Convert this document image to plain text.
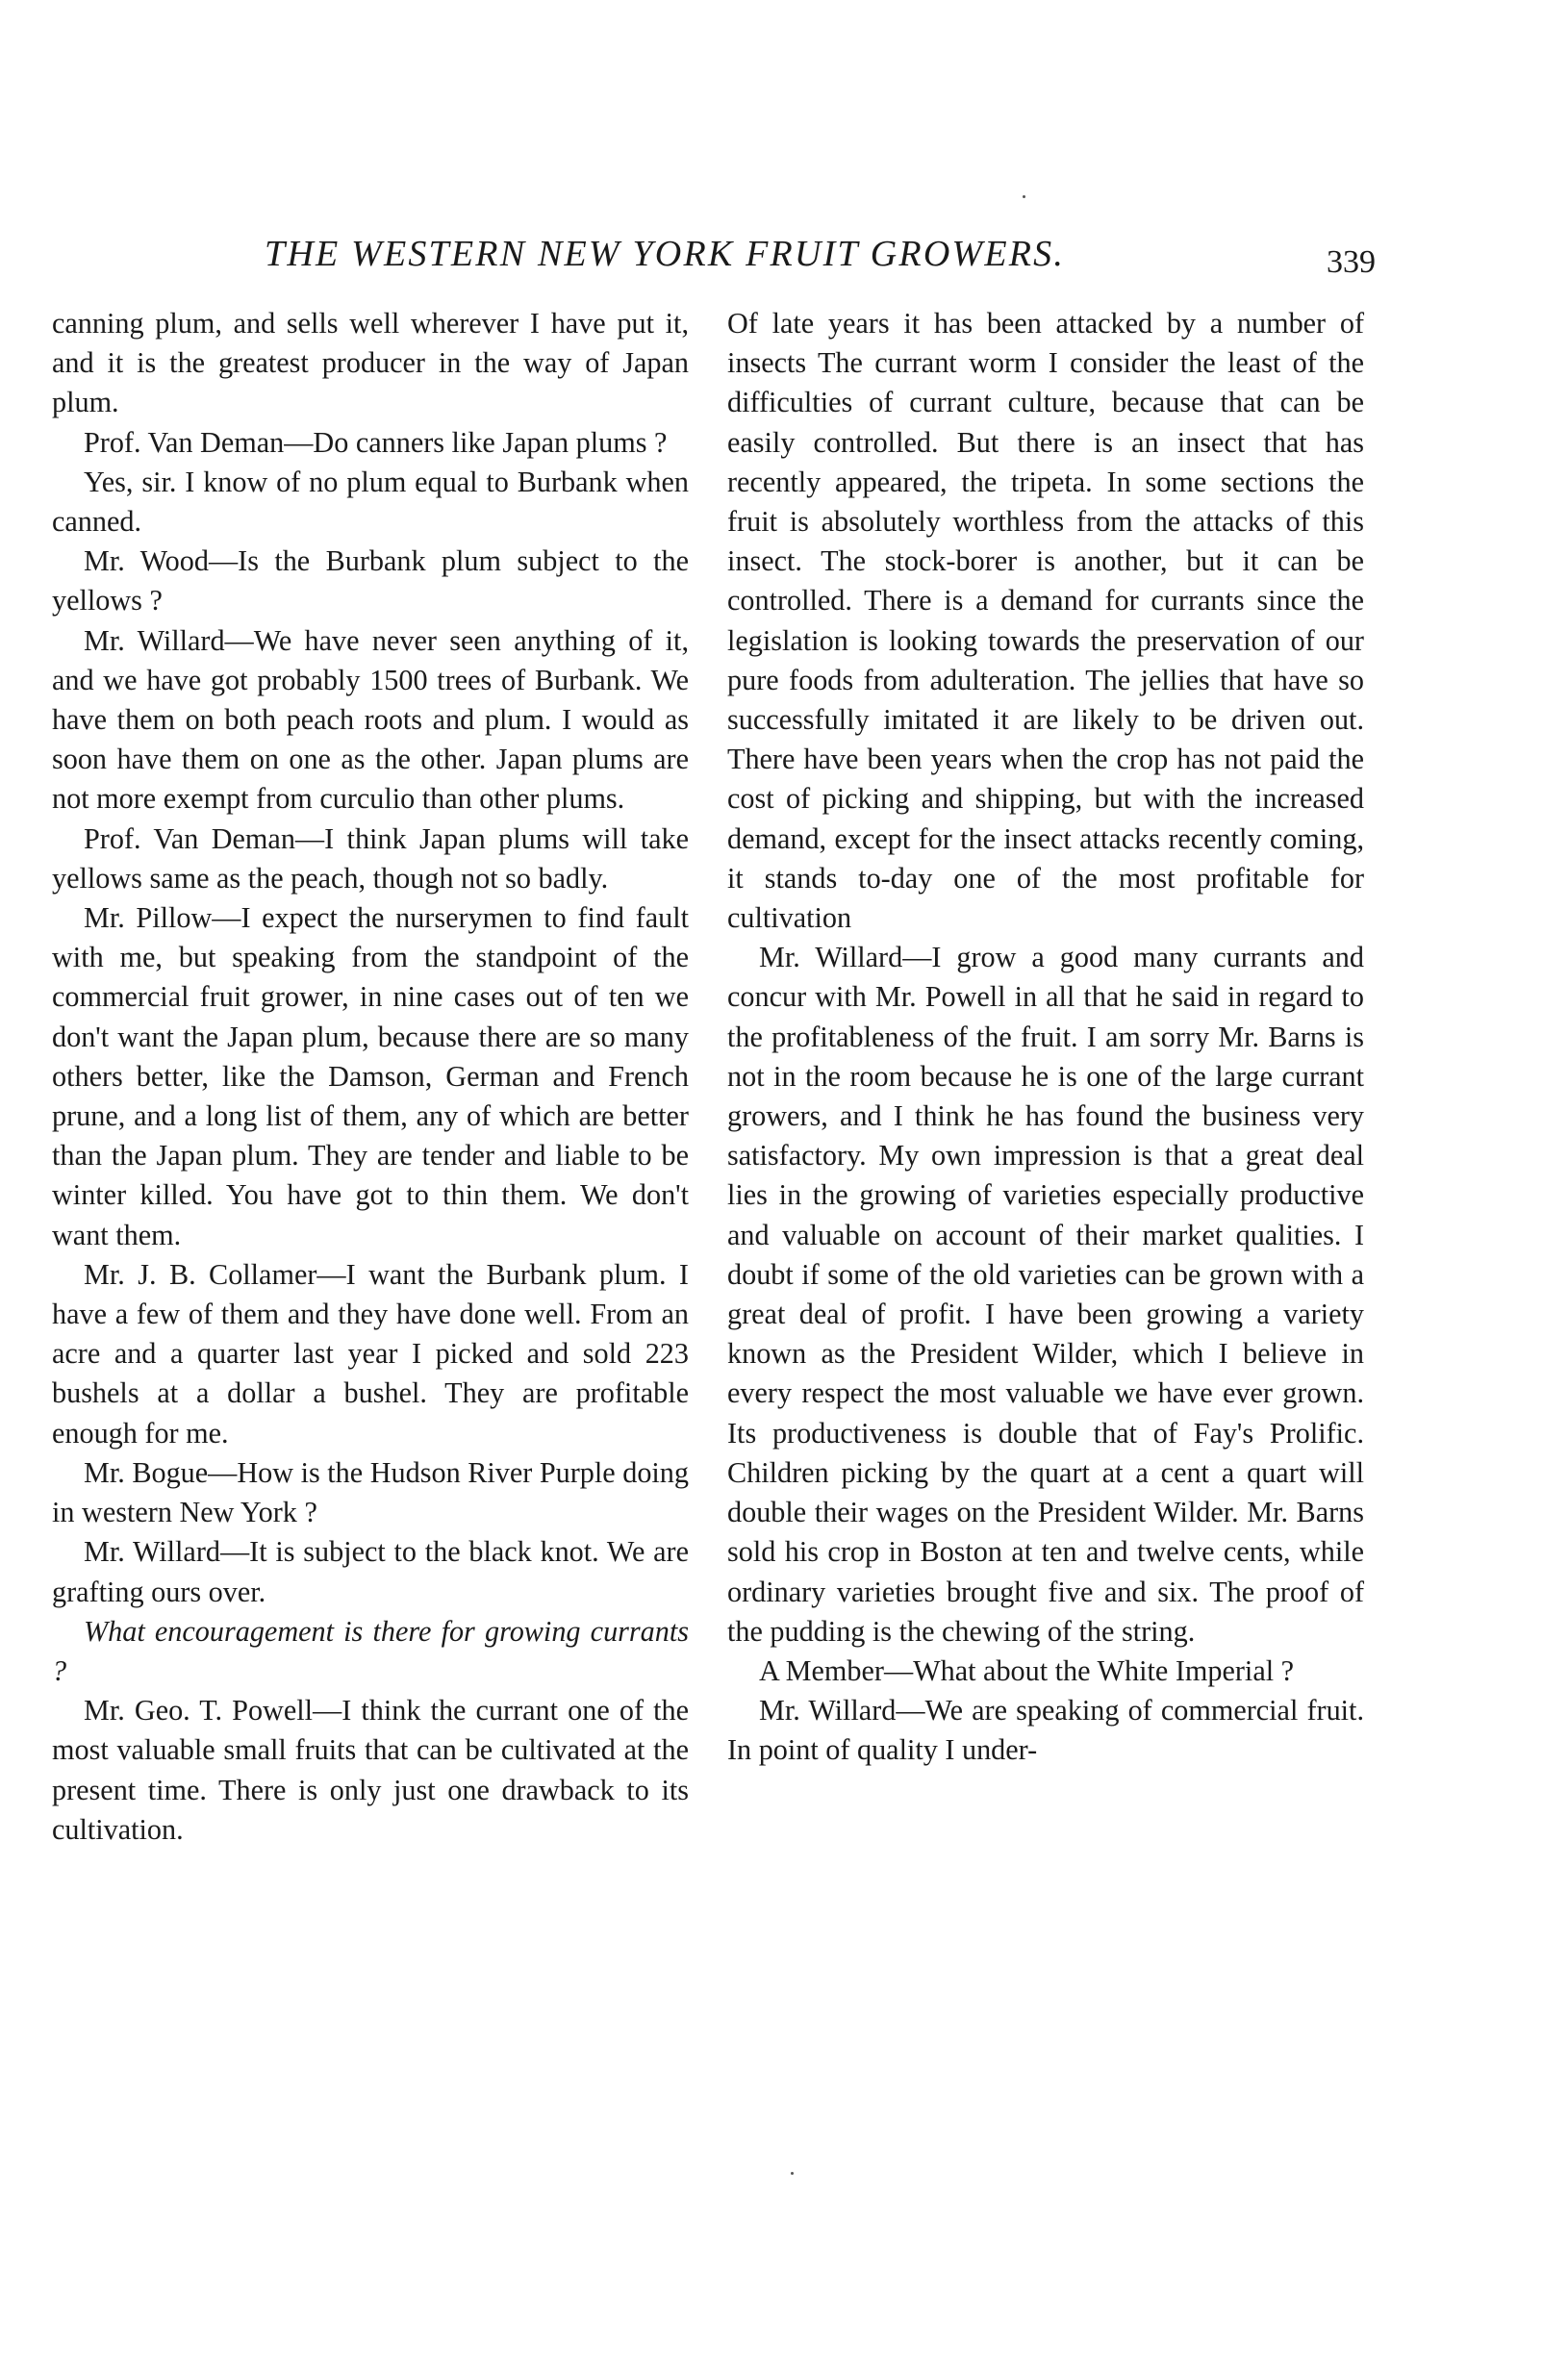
THE WESTERN NEW YORK FRUIT GROWERS.	339

canning plum, and sells well wherever I have put it, and it is the greatest producer in the way of Japan plum.

Prof. Van Deman—Do canners like Japan plums ?

Yes, sir. I know of no plum equal to Burbank when canned.

Mr. Wood—Is the Burbank plum subject to the yellows ?

Mr. Willard—We have never seen anything of it, and we have got probably 1500 trees of Burbank. We have them on both peach roots and plum. I would as soon have them on one as the other. Japan plums are not more exempt from curculio than other plums.

Prof. Van Deman—I think Japan plums will take yellows same as the peach, though not so badly.

Mr. Pillow—I expect the nurserymen to find fault with me, but speaking from the standpoint of the commercial fruit grower, in nine cases out of ten we don't want the Japan plum, because there are so many others better, like the Damson, German and French prune, and a long list of them, any of which are better than the Japan plum. They are tender and liable to be winter killed. You have got to thin them. We don't want them.

Mr. J. B. Collamer—I want the Burbank plum. I have a few of them and they have done well. From an acre and a quarter last year I picked and sold 223 bushels at a dollar a bushel. They are profitable enough for me.

Mr. Bogue—How is the Hudson River Purple doing in western New York ?

Mr. Willard—It is subject to the black knot. We are grafting ours over.

What encouragement is there for growing currants ?

Mr. Geo. T. Powell—I think the currant one of the most valuable small fruits that can be cultivated at the present time. There is only just one drawback to its cultivation.

Of late years it has been attacked by a number of insects The currant worm I consider the least of the difficulties of currant culture, because that can be easily controlled. But there is an insect that has recently appeared, the tripeta. In some sections the fruit is absolutely worthless from the attacks of this insect. The stock-borer is another, but it can be controlled. There is a demand for currants since the legislation is looking towards the preservation of our pure foods from adulteration. The jellies that have so successfully imitated it are likely to be driven out. There have been years when the crop has not paid the cost of picking and shipping, but with the increased demand, except for the insect attacks recently coming, it stands to-day one of the most profitable for cultivation

Mr. Willard—I grow a good many currants and concur with Mr. Powell in all that he said in regard to the profitableness of the fruit. I am sorry Mr. Barns is not in the room because he is one of the large currant growers, and I think he has found the business very satisfactory. My own impression is that a great deal lies in the growing of varieties especially productive and valuable on account of their market qualities. I doubt if some of the old varieties can be grown with a great deal of profit. I have been growing a variety known as the President Wilder, which I believe in every respect the most valuable we have ever grown. Its productiveness is double that of Fay's Prolific. Children picking by the quart at a cent a quart will double their wages on the President Wilder. Mr. Barns sold his crop in Boston at ten and twelve cents, while ordinary varieties brought five and six. The proof of the pudding is the chewing of the string.

A Member—What about the White Imperial ?

Mr. Willard—We are speaking of commercial fruit. In point of quality I under-
